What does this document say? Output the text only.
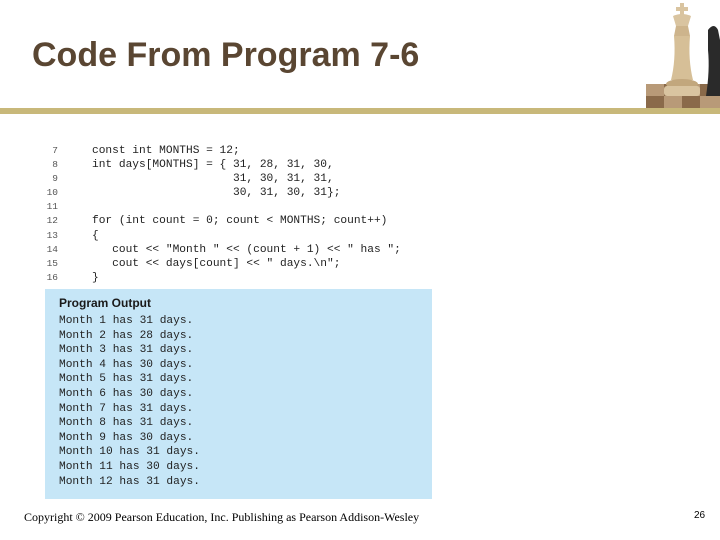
Code From Program 7-6
7	const int MONTHS = 12;
8	int days[MONTHS] = { 31, 28, 31, 30,
9	31, 30, 31, 31,
10	30, 31, 30, 31};
11
12	for (int count = 0; count < MONTHS; count++)
13	{
14	cout << "Month " << (count + 1) << " has ";
15	cout << days[count] << " days.\n";
16	}
Program Output
Month 1 has 31 days.
Month 2 has 28 days.
Month 3 has 31 days.
Month 4 has 30 days.
Month 5 has 31 days.
Month 6 has 30 days.
Month 7 has 31 days.
Month 8 has 31 days.
Month 9 has 30 days.
Month 10 has 31 days.
Month 11 has 30 days.
Month 12 has 31 days.
Copyright © 2009 Pearson Education, Inc. Publishing as Pearson Addison-Wesley	26
